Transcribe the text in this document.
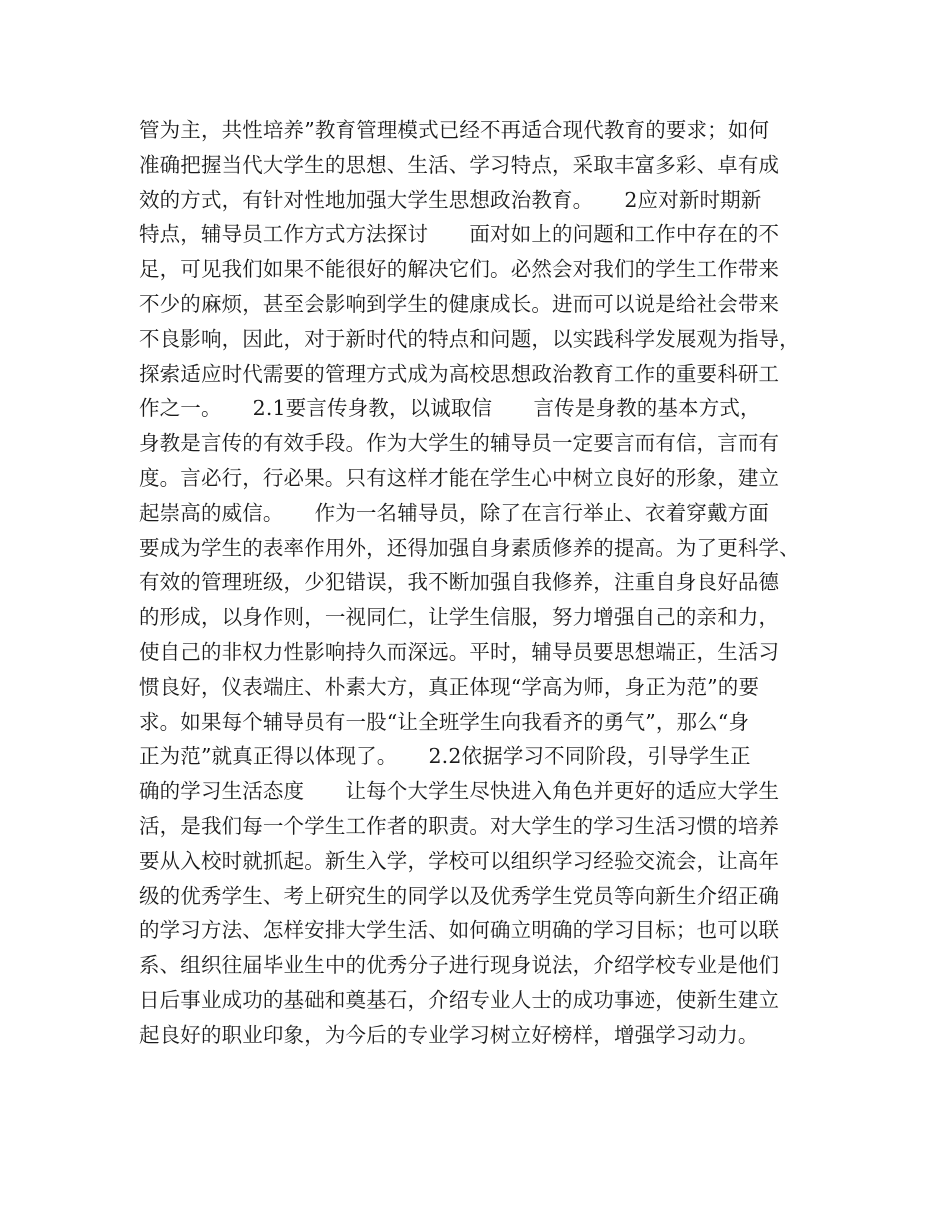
管为主，共性培养”教育管理模式已经不再适合现代教育的要求；如何
准确把握当代大学生的思想、生活、学习特点，采取丰富多彩、卓有成
效的方式，有针对性地加强大学生思想政治教育。　　2应对新时期新
特点，辅导员工作方式方法探讨　　面对如上的问题和工作中存在的不
足，可见我们如果不能很好的解决它们。必然会对我们的学生工作带来
不少的麻烦，甚至会影响到学生的健康成长。进而可以说是给社会带来
不良影响，因此，对于新时代的特点和问题，以实践科学发展观为指导，
探索适应时代需要的管理方式成为高校思想政治教育工作的重要科研工
作之一。　　2.1要言传身教，以诚取信　　言传是身教的基本方式，
身教是言传的有效手段。作为大学生的辅导员一定要言而有信，言而有
度。言必行，行必果。只有这样才能在学生心中树立良好的形象，建立
起崇高的威信。　　作为一名辅导员，除了在言行举止、衣着穿戴方面
要成为学生的表率作用外，还得加强自身素质修养的提高。为了更科学、
有效的管理班级，少犯错误，我不断加强自我修养，注重自身良好品德
的形成，以身作则，一视同仁，让学生信服，努力增强自己的亲和力，
使自己的非权力性影响持久而深远。平时，辅导员要思想端正，生活习
惯良好，仪表端庄、朴素大方，真正体现“学高为师，身正为范”的要
求。如果每个辅导员有一股“让全班学生向我看齐的勇气”，那么“身
正为范”就真正得以体现了。　　2.2依据学习不同阶段，引导学生正
确的学习生活态度　　让每个大学生尽快进入角色并更好的适应大学生
活，是我们每一个学生工作者的职责。对大学生的学习生活习惯的培养
要从入校时就抓起。新生入学，学校可以组织学习经验交流会，让高年
级的优秀学生、考上研究生的同学以及优秀学生党员等向新生介绍正确
的学习方法、怎样安排大学生活、如何确立明确的学习目标；也可以联
系、组织往届毕业生中的优秀分子进行现身说法，介绍学校专业是他们
日后事业成功的基础和奠基石，介绍专业人士的成功事迹，使新生建立
起良好的职业印象，为今后的专业学习树立好榜样，增强学习动力。
